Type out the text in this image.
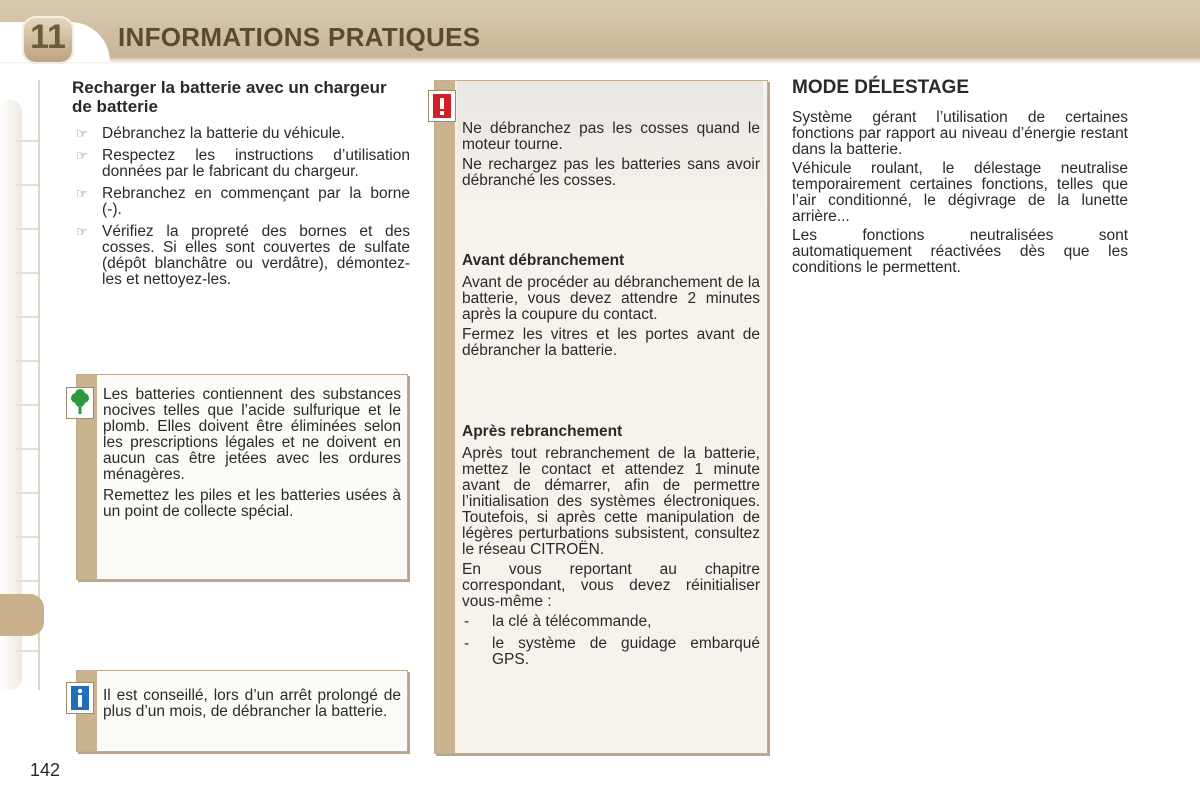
11	INFORMATIONS PRATIQUES
Recharger la batterie avec un chargeur de batterie
☞ Débranchez la batterie du véhicule.
☞ Respectez les instructions d’utilisation données par le fabricant du chargeur.
☞ Rebranchez en commençant par la borne (-).
☞ Vérifiez la propreté des bornes et des cosses. Si elles sont couvertes de sulfate (dépôt blanchâtre ou verdâtre), démontez-les et nettoyez-les.

Les batteries contiennent des substances nocives telles que l’acide sulfurique et le plomb. Elles doivent être éliminées selon les prescriptions légales et ne doivent en aucun cas être jetées avec les ordures ménagères.

Remettez les piles et les batteries usées à un point de collecte spécial.

Il est conseillé, lors d’un arrêt prolongé de plus d’un mois, de débrancher la batterie.

Ne débranchez pas les cosses quand le moteur tourne.

Ne rechargez pas les batteries sans avoir débranché les cosses.

Avant débranchement

Avant de procéder au débranchement de la batterie, vous devez attendre 2 minutes après la coupure du contact.

Fermez les vitres et les portes avant de débrancher la batterie.

Après rebranchement

Après tout rebranchement de la batterie, mettez le contact et attendez 1 minute avant de démarrer, afin de permettre l’initialisation des systèmes électroniques. Toutefois, si après cette manipulation de légères perturbations subsistent, consultez le réseau CITROËN.

En vous reportant au chapitre correspondant, vous devez réinitialiser vous-même :

- la clé à télécommande,
- le système de guidage embarqué GPS.
MODE DÉLESTAGE

Système gérant l’utilisation de certaines fonctions par rapport au niveau d’énergie restant dans la batterie.

Véhicule roulant, le délestage neutralise temporairement certaines fonctions, telles que l’air conditionné, le dégivrage de la lunette arrière...

Les fonctions neutralisées sont automatiquement réactivées dès que les conditions le permettent.

142
